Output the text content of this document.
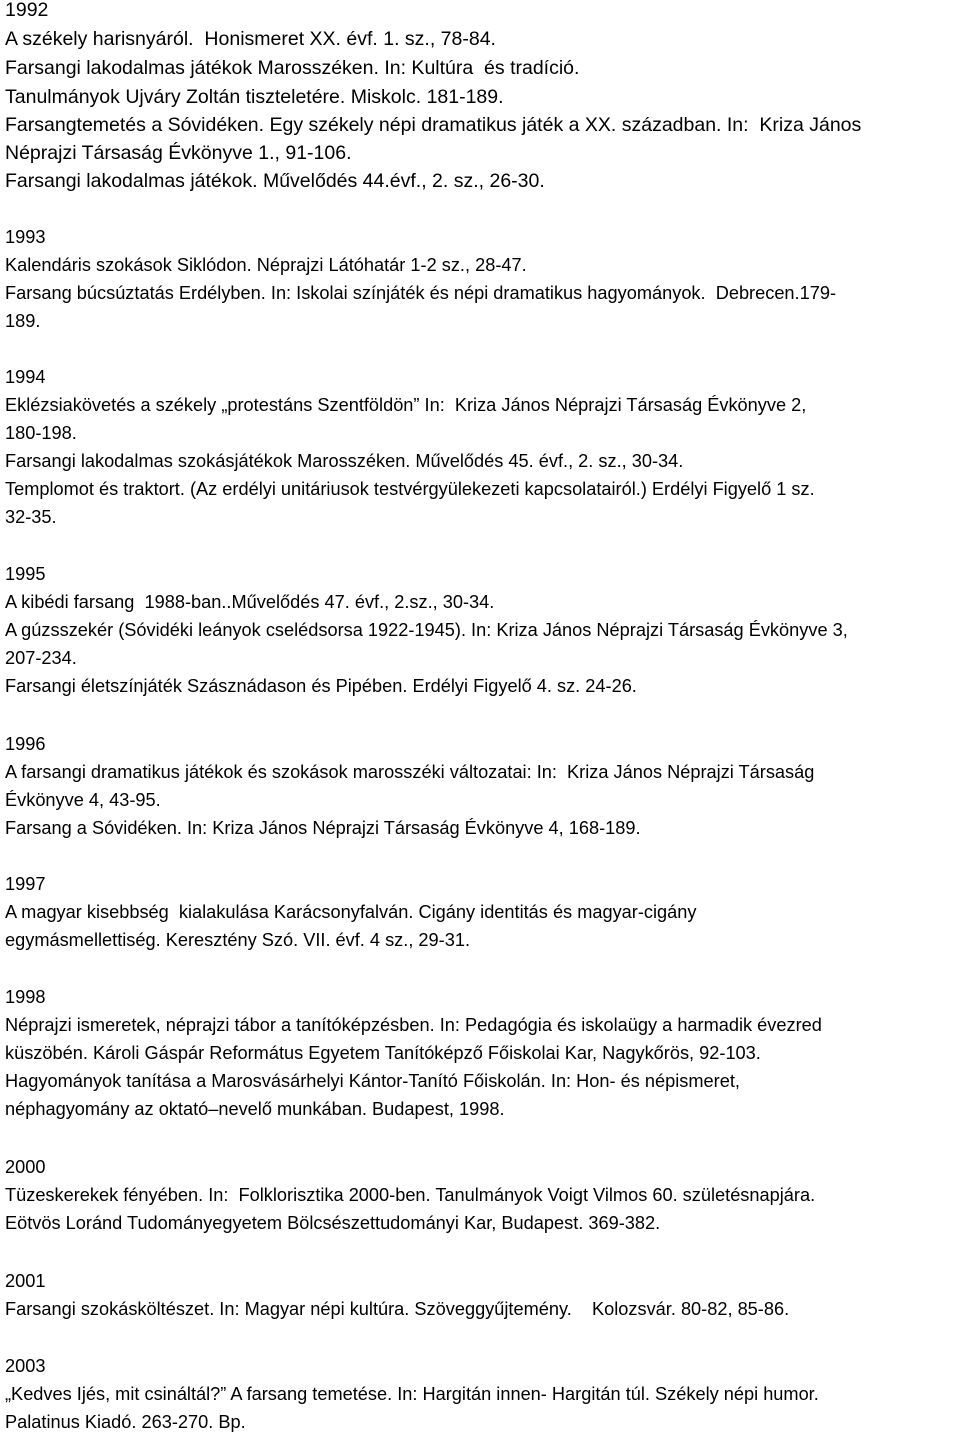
1992
A székely harisnyáról.  Honismeret XX. évf. 1. sz., 78-84.
Farsangi lakodalmas játékok Marosszéken. In: Kultúra  és tradíció.
Tanulmányok Ujváry Zoltán tiszteletére. Miskolc. 181-189.
Farsangtemetés a Sóvidéken. Egy székely népi dramatikus játék a XX. században. In:  Kriza János
Néprajzi Társaság Évkönyve 1., 91-106.
Farsangi lakodalmas játékok. Művelődés 44.évf., 2. sz., 26-30.
1993
Kalendáris szokások Siklódon. Néprajzi Látóhatár 1-2 sz., 28-47.
Farsang búcsúztatás Erdélyben. In: Iskolai színjáték és népi dramatikus hagyományok.  Debrecen.179-
189.
1994
Eklézsiakövetés a székely „protestáns Szentföldön” In:  Kriza János Néprajzi Társaság Évkönyve 2,
180-198.
Farsangi lakodalmas szokásjátékok Marosszéken. Művelődés 45. évf., 2. sz., 30-34.
Templomot és traktort. (Az erdélyi unitáriusok testvérgyülekezeti kapcsolatairól.) Erdélyi Figyelő 1 sz.
32-35.
1995
A kibédi farsang  1988-ban..Művelődés 47. évf., 2.sz., 30-34.
A gúzsszekér (Sóvidéki leányok cselédsorsa 1922-1945). In: Kriza János Néprajzi Társaság Évkönyve 3,
207-234.
Farsangi életszínjáték Szásznádason és Pipében. Erdélyi Figyelő 4. sz. 24-26.
1996
A farsangi dramatikus játékok és szokások marosszéki változatai: In:  Kriza János Néprajzi Társaság
Évkönyve 4, 43-95.
Farsang a Sóvidéken. In: Kriza János Néprajzi Társaság Évkönyve 4, 168-189.
1997
A magyar kisebbség  kialakulása Karácsonyfalván. Cigány identitás és magyar-cigány
egymásmellettiség. Keresztény Szó. VII. évf. 4 sz., 29-31.
1998
Néprajzi ismeretek, néprajzi tábor a tanítóképzésben. In: Pedagógia és iskolaügy a harmadik évezred
küszöbén. Károli Gáspár Református Egyetem Tanítóképző Főiskolai Kar, Nagykőrös, 92-103.
Hagyományok tanítása a Marosvásárhelyi Kántor-Tanító Főiskolán. In: Hon- és népismeret,
néphagyomány az oktató–nevelő munkában. Budapest, 1998.
2000
Tüzeskerekek fényében. In:  Folklorisztika 2000-ben. Tanulmányok Voigt Vilmos 60. születésnapjára.
Eötvös Loránd Tudományegyetem Bölcsészettudományi Kar, Budapest. 369-382.
2001
Farsangi szokásköltészet. In: Magyar népi kultúra. Szöveggyűjtemény.    Kolozsvár. 80-82, 85-86.
2003
„Kedves Ijés, mit csináltál?” A farsang temetése. In: Hargitán innen- Hargitán túl. Székely népi humor.
Palatinus Kiadó. 263-270. Bp.
